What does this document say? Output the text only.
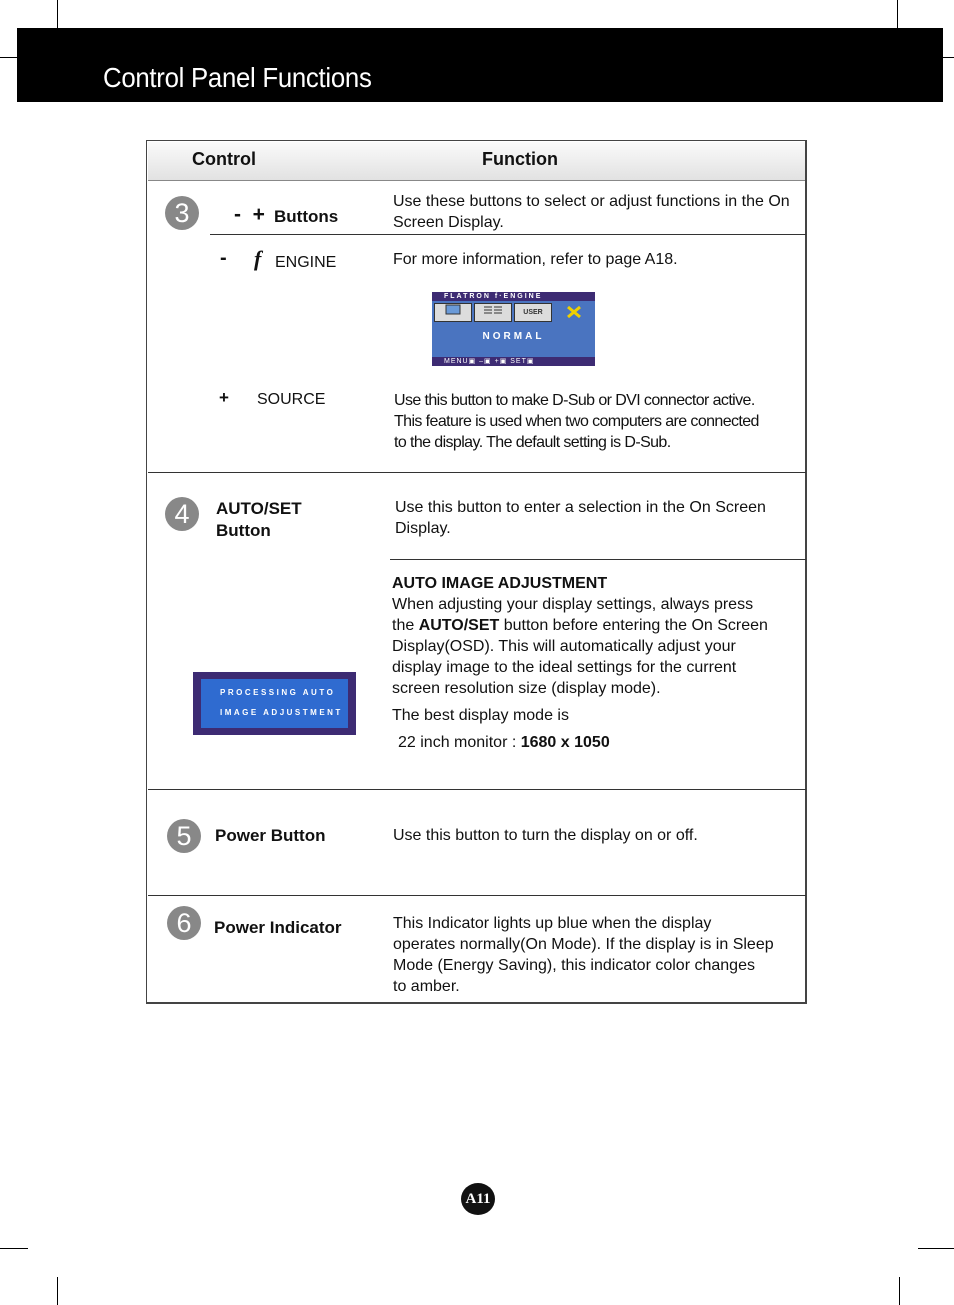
Control Panel Functions
Control	Function
3	-  + Buttons
Use these buttons to select or adjust functions in the On
Screen Display.
- f ENGINE	For more information, refer to page A18.
FLATRON f·ENGINE
USER
NORMAL
MENU▣ –▣ +▣ SET▣
+ SOURCE	Use this button to make D-Sub or DVI connector active.
This feature is used when two computers are connected
to the display. The default setting is D-Sub.
4	AUTO/SET
Button
Use this button to enter a selection in the On Screen
Display.
AUTO IMAGE ADJUSTMENT
When adjusting your display settings, always press
the AUTO/SET button before entering the On Screen
Display(OSD). This will automatically adjust your
display image to the ideal settings for the current
screen resolution size (display mode).
The best display mode is
22 inch monitor : 1680 x 1050
PROCESSING AUTO
IMAGE ADJUSTMENT
5	Power Button	Use this button to turn the display on or off.
6	Power Indicator	This Indicator lights up blue when the display
operates normally(On Mode). If the display is in Sleep
Mode (Energy Saving), this indicator color changes
to amber.
A11
